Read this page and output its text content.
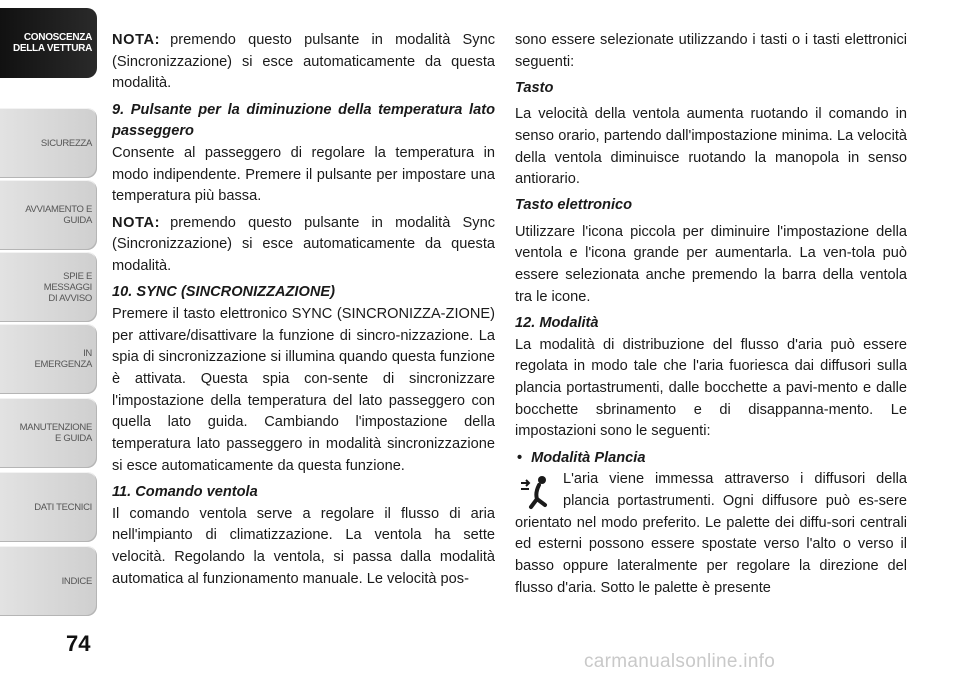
CONOSCENZA
DELLA VETTURA
SICUREZZA
AVVIAMENTO E
GUIDA
SPIE E
MESSAGGI
DI AVVISO
IN
EMERGENZA
MANUTENZIONE
E GUIDA
DATI TECNICI
INDICE
74

NOTA: premendo questo pulsante in modalità Sync (Sincronizzazione) si esce automaticamente da questa modalità.

9. Pulsante per la diminuzione della temperatura lato passeggero

Consente al passeggero di regolare la temperatura in modo indipendente. Premere il pulsante per impostare una temperatura più bassa.

NOTA: premendo questo pulsante in modalità Sync (Sincronizzazione) si esce automaticamente da questa modalità.

10. SYNC (SINCRONIZZAZIONE)

Premere il tasto elettronico SYNC (SINCRONIZZA-ZIONE) per attivare/disattivare la funzione di sincro-nizzazione. La spia di sincronizzazione si illumina quando questa funzione è attivata. Questa spia con-sente di sincronizzare l'impostazione della temperatura del lato passeggero con quella lato guida. Cambiando l'impostazione della temperatura lato passeggero in modalità sincronizzazione si esce automaticamente da questa funzione.

11. Comando ventola

Il comando ventola serve a regolare il flusso di aria nell'impianto di climatizzazione. La ventola ha sette velocità. Regolando la ventola, si passa dalla modalità automatica al funzionamento manuale. Le velocità pos-

sono essere selezionate utilizzando i tasti o i tasti elettronici seguenti:

Tasto

La velocità della ventola aumenta ruotando il comando in senso orario, partendo dall'impostazione minima. La velocità della ventola diminuisce ruotando la manopola in senso antiorario.

Tasto elettronico

Utilizzare l'icona piccola per diminuire l'impostazione della ventola e l'icona grande per aumentarla. La ven-tola può essere selezionata anche premendo la barra della ventola tra le icone.

12. Modalità

La modalità di distribuzione del flusso d'aria può essere regolata in modo tale che l'aria fuoriesca dai diffusori sulla plancia portastrumenti, dalle bocchette a pavi-mento e dalle bocchette sbrinamento e di disappanna-mento. Le impostazioni sono le seguenti:

• Modalità Plancia

L'aria viene immessa attraverso i diffusori della plancia portastrumenti. Ogni diffusore può es-sere orientato nel modo preferito. Le palette dei diffu-sori centrali ed esterni possono essere spostate verso l'alto o verso il basso oppure lateralmente per regolare la direzione del flusso d'aria. Sotto le palette è presente

carmanualsonline.info
